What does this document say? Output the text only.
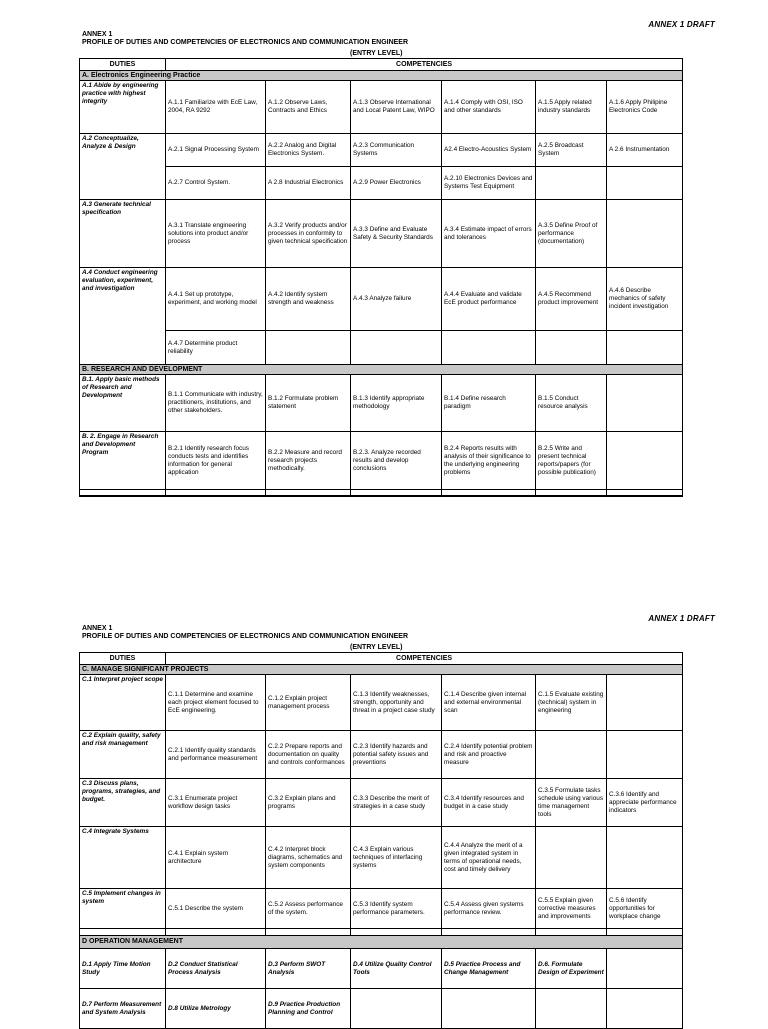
ANNEX 1 DRAFT
ANNEX 1
PROFILE OF DUTIES AND COMPETENCIES OF ELECTRONICS AND COMMUNICATION ENGINEER
(ENTRY LEVEL)
DUTIES	COMPETENCIES					
A. Electronics Engineering Practice						
A.1 Abide by engineering practice with highest integrity	A.1.1 Familiarize with EcE Law, 2004, RA 9292	A.1.2 Observe Laws, Contracts and Ethics	A.1.3 Observe International and Local Patent Law, WIPO	A.1.4 Comply with OSI, ISO and other standards	A.1.5 Apply related industry standards	A.1.6 Apply Philipine Electronics Code
A.2 Conceptualize, Analyze & Design	A.2.1 Signal Processing System	A.2.2 Analog and Digital Electronics System.	A.2.3 Communication Systems	A2.4 Electro-Acoustics System	A.2.5 Broadcast System	A 2.6 Instrumentation
	A.2.7 Control System.	A 2.8 Industrial Electronics	A.2.9 Power Electronics	A.2.10 Electronics Devices and Systems Test Equipment		
A.3 Generate technical specification	A.3.1 Translate engineering solutions into product and/or process	A.3.2 Verify products and/or processes in conformity to given technical specification	A.3.3 Define and Evaluate Safety & Security Standards	A.3.4 Estimate impact of errors and tolerances	A.3.5 Define Proof of performance (documentation)	
A.4 Conduct engineering evaluation, experiment, and investigation	A.4.1 Set up prototype, experiment, and working model	A.4.2 Identify system strength and weakness	A.4.3 Analyze failure	A.4.4 Evaluate and validate EcE product performance	A.4.5 Recommend product improvement	A.4.6 Describe mechanics of safety incident investigation
	A.4.7 Determine product reliability					
B. RESEARCH AND DEVELOPMENT						
B.1. Apply basic methods of Research and Development	B.1.1 Communicate with industry, practitioners, institutions, and other stakeholders.	B.1.2 Formulate problem statement	B.1.3 Identify appropriate methodology	B.1.4 Define research paradigm	B.1.5 Conduct resource analysis	
B. 2. Engage in Research and Development Program	B.2.1 Identify research focus conducts tests and identifies information for general application	B.2.2 Measure and record research projects methodically.	B.2.3. Analyze recorded results and develop conclusions	B.2.4 Reports results with analysis of their significance to the underlying engineering problems	B.2.5 Write and present technical reports/papers (for possible publication)	

ANNEX 1 DRAFT
ANNEX 1
PROFILE OF DUTIES AND COMPETENCIES OF ELECTRONICS AND COMMUNICATION ENGINEER
(ENTRY LEVEL)
DUTIES	COMPETENCIES					
C. MANAGE SIGNIFICANT PROJECTS						
C.1 Interpret project scope	C.1.1 Determine and examine each project element focused to EcE engineering.	C.1.2 Explain project management process	C.1.3 Identify weaknesses, strength, opportunity and threat in a project case study	C.1.4 Describe given internal and external environmental scan	C.1.5 Evaluate existing (technical) system in engineering	
C.2 Explain quality, safety and risk management	C.2.1 Identify quality standards and performance measurement	C.2.2 Prepare reports and documentation on quality and controls conformances	C.2.3 Identify hazards and potential safety issues and preventions	C.2.4 Identify potential problem and risk and proactive measure		
C.3 Discuss plans, programs, strategies, and budget.	C.3.1 Enumerate project workflow design tasks	C.3.2 Explain plans and programs	C.3.3 Describe the merit of strategies in a case study	C.3.4 Identify resources and budget in a case study	C.3.5 Formulate tasks schedule using various time management tools	C.3.6 Identify and appreciate performance indicators
C.4 Integrate Systems	C.4.1 Explain system architecture	C.4.2 Interpret block diagrams, schematics and system components	C.4.3 Explain various techniques of interfacing systems	C.4.4 Analyze the merit of a given integrated system in terms of operational needs, cost and timely delivery		
C.5 Implement changes in system	C.5.1 Describe the system	C.5.2 Assess performance of the system.	C.5.3 Identify system performance parameters.	C.5.4 Assess given systems performance review.	C.5.5 Explain given corrective measures and improvements	C.5.6 Identify opportunities for workplace change

D OPERATION MANAGEMENT						
D.1 Apply Time Motion Study	D.2 Conduct Statistical Process Analysis	D.3 Perform SWOT Analysis	D.4 Utilize Quality Control Tools	D.5 Practice Process and Change Management	D.6. Formulate Design of Experiment	
D.7 Perform Measurement and System Analysis	D.8 Utilize Metrology	D.9 Practice Production Planning and Control				
